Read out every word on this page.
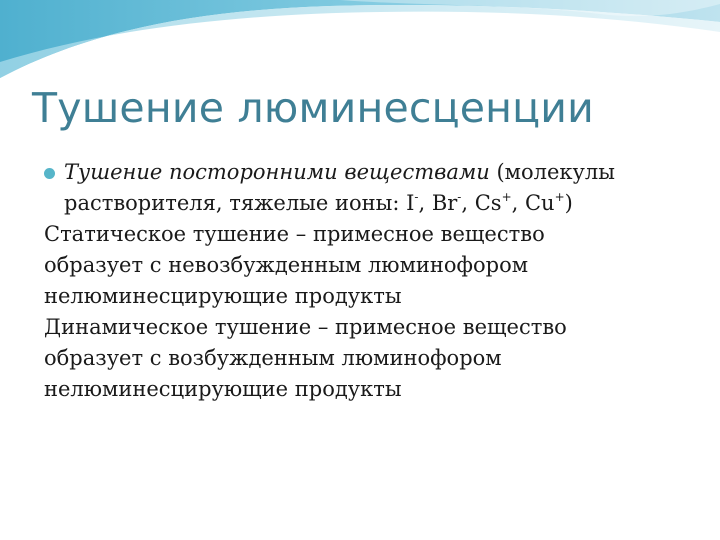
Тушение люминесценции
Тушение посторонними веществами (молекулы
растворителя, тяжелые ионы: I-, Br-, Cs+, Cu+)
Статическое тушение – примесное вещество
образует с невозбужденным люминофором
нелюминесцирующие продукты
Динамическое тушение – примесное вещество
образует с возбужденным люминофором
нелюминесцирующие продукты
